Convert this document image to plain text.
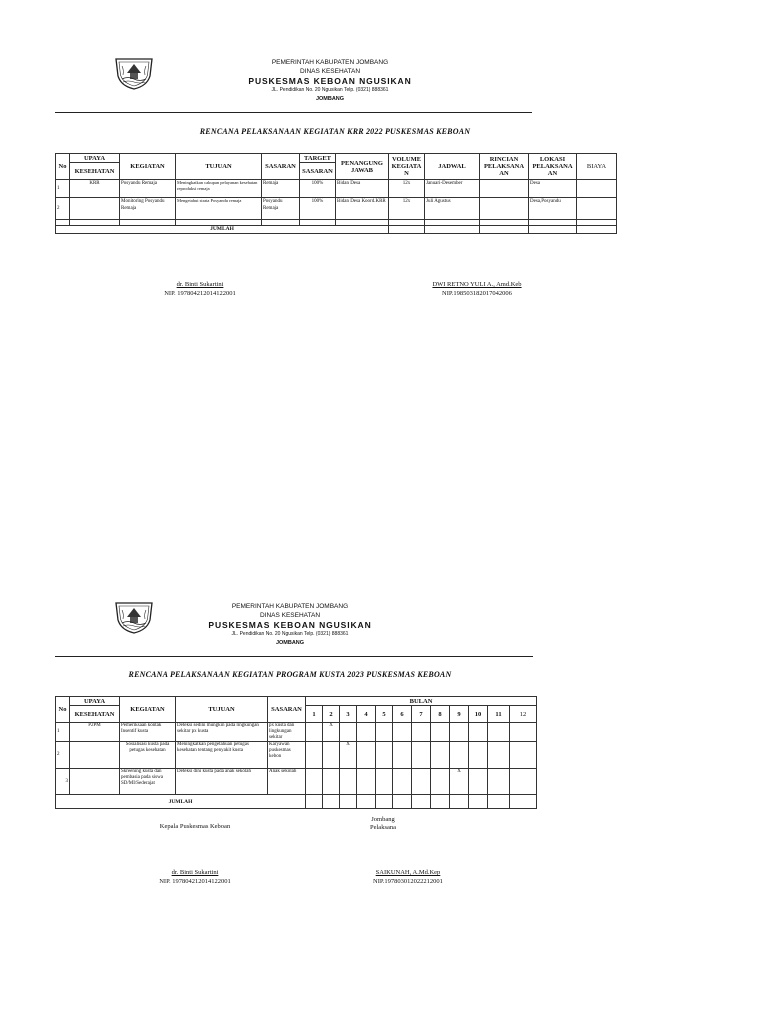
PEMERINTAH KABUPATEN JOMBANG
DINAS KESEHATAN
PUSKESMAS KEBOAN NGUSIKAN
JL. Pendidikan No. 20 Ngusikan Telp. (0321) 888361
JOMBANG
RENCANA PELAKSANAAN KEGIATAN KRR 2022 PUSKESMAS KEBOAN
No	UPAYA	KEGIATAN	TUJUAN	SASARAN	TARGET	PENANGUNG JAWAB	VOLUME KEGIATA N	JADWAL	RINCIAN PELAKSANA AN	LOKASI PELAKSANA AN	BIAYA
	KESEHATAN				SASARAN						
1	KRR	Posyandu Remaja	Meningkatkan cakupan pelayanan kesehatan reproduksi remaja	Remaja	100%	Bidan Desa	12x	Januari-Desember		Desa	
2		Monitoring Posyandu Remaja	Mengetahui strata Posyandu remaja	Posyandu Remaja	100%	Bidan Desa Koord.KRR	12x	Juli Agustus		Desa,Posyandu	

JUMLAH											
dr. Binti Sukartini
NIP. 197804212014122001
DWI RETNO YULI A., Amd.Keb
NIP.198503182017042006
PEMERINTAH KABUPATEN JOMBANG
DINAS KESEHATAN
PUSKESMAS KEBOAN NGUSIKAN
JL. Pendidikan No. 20 Ngusikan Telp. (0321) 888361
JOMBANG
RENCANA PELAKSANAAN KEGIATAN PROGRAM KUSTA 2023 PUSKESMAS KEBOAN
No	UPAYA	KEGIATAN	TUJUAN	SASARAN	BULAN											
	KESEHATAN				1	2	3	4	5	6	7	8	9	10	11	12
1	P2PM	Pemeriksaan kontak Insentif kusta	Deteksi sedini mungkin pada lingkungan sekitar px kusta	px kusta dan lingkungan sekitar		X										
2		Sosialisasi kusta pada petugas kesehatan	Meningkatkan pengetahuan petugas kesehatan tentang penyakit kusta	Karyawan puskesmas kebon			X									
3		Skreening kusta dan pembasia pada siswa SD/MI/Sederajat	Deteksi dini kusta pada anak sekolah	Anak sekolah									X			
JUMLAH																
Kepala Puskesmas Keboan
dr. Binti Sukartini
NIP. 197804212014122001
Jombang
Pelaksana
SAIKUNAH, A.Md.Kep
NIP.197803012022212001
